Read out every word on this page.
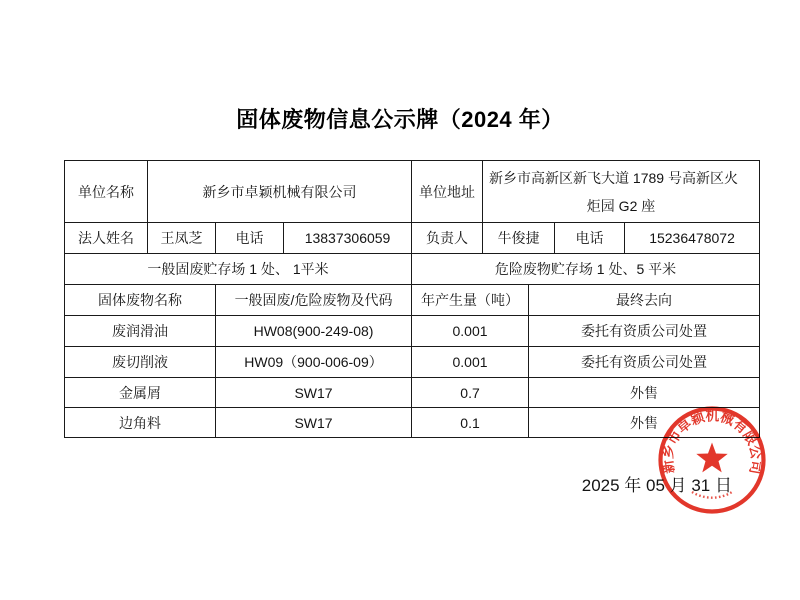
固体废物信息公示牌（2024 年）
单位名称	新乡市卓颖机械有限公司			单位地址	新乡市高新区新飞大道 1789 号高新区火
炬园 G2 座			

法人姓名	王凤芝	电话	13837306059	负责人	牛俊捷		电话	15236478072
一般固废贮存场 1 处、 1平米				危险废物贮存场 1 处、5 平米				
固体废物名称		一般固废/危险废物及代码		年产生量（吨）		最终去向		
废润滑油		HW08(900-249-08)		0.001		委托有资质公司处置		
废切削液		HW09（900-006-09）		0.001		委托有资质公司处置		
金属屑		SW17		0.7		外售		
边角料		SW17		0.1		外售		
2025 年 05 月 31 日
新乡市卓颖机械有限公司
